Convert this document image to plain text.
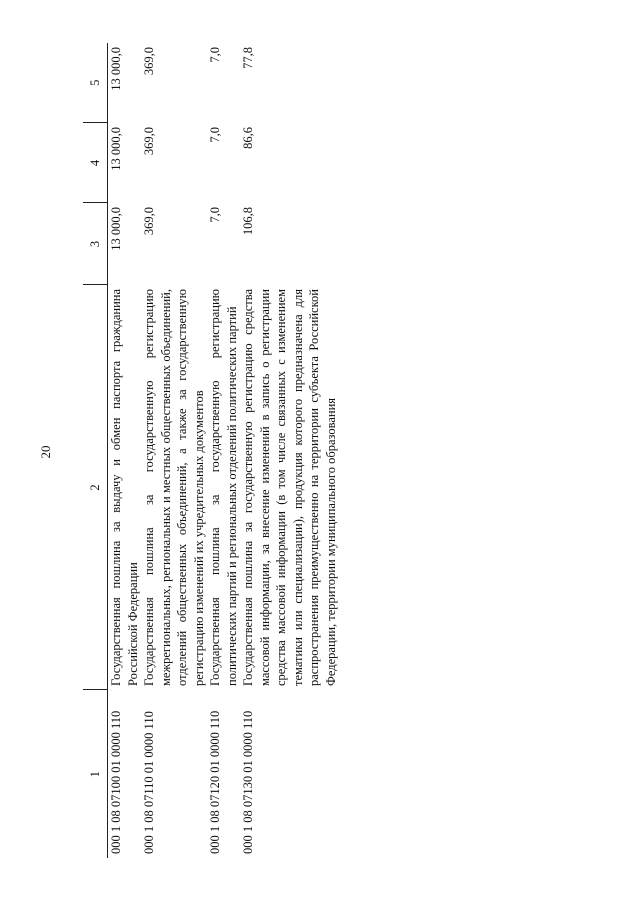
20
1	2	3	4	5
000 1 08 07100 01 0000 110	Государственная пошлина за выдачу и обмен паспорта гражданина Российской Федерации	13 000,0	13 000,0	13 000,0
000 1 08 07110 01 0000 110	Государственная пошлина за государственную регистрацию межрегиональных, региональных и местных общественных объединений, отделений общественных объединений, а также за государственную регистрацию изменений их учредительных документов	369,0	369,0	369,0
000 1 08 07120 01 0000 110	Государственная пошлина за государственную регистрацию политических партий и региональных отделений политических партий	7,0	7,0	7,0
000 1 08 07130 01 0000 110	Государственная пошлина за государственную регистрацию средства массовой информации, за внесение изменений в запись о регистрации средства массовой информации (в том числе связанных с изменением тематики или специализации), продукция которого предназначена для распространения преимущественно на территории субъекта Российской Федерации, территории муниципального образования	106,8	86,6	77,8
